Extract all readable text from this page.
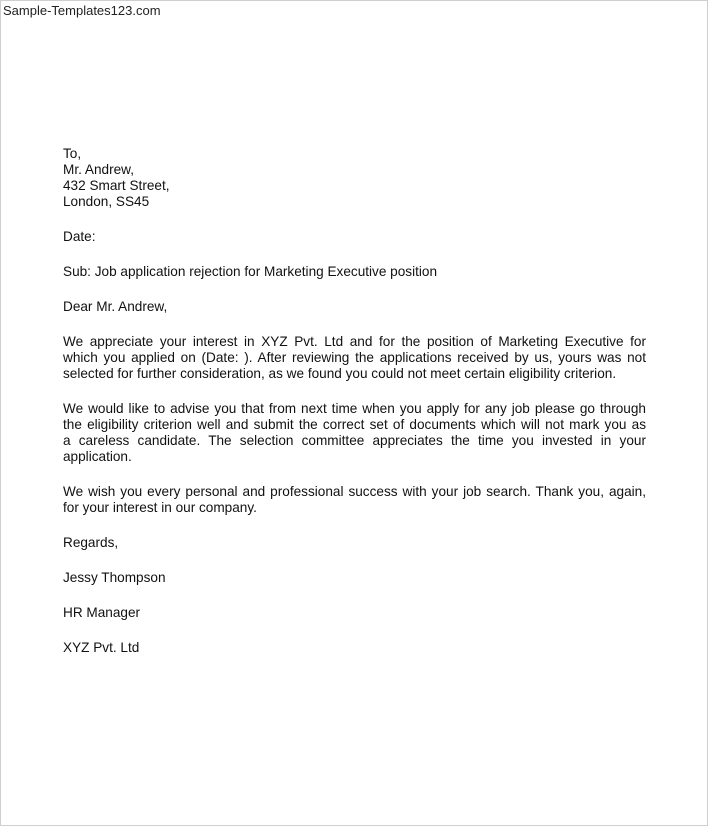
Sample-Templates123.com
To,
Mr. Andrew,
432 Smart Street,
London, SS45
Date:
Sub: Job application rejection for Marketing Executive position
Dear Mr. Andrew,
We appreciate your interest in XYZ Pvt. Ltd and for the position of Marketing Executive for
which you applied on (Date: ). After reviewing the applications received by us, yours was not
selected for further consideration, as we found you could not meet certain eligibility criterion.
We would like to advise you that from next time when you apply for any job please go through
the eligibility criterion well and submit the correct set of documents which will not mark you as
a careless candidate. The selection committee appreciates the time you invested in your
application.
We wish you every personal and professional success with your job search. Thank you, again,
for your interest in our company.
Regards,
Jessy Thompson
HR Manager
XYZ Pvt. Ltd
